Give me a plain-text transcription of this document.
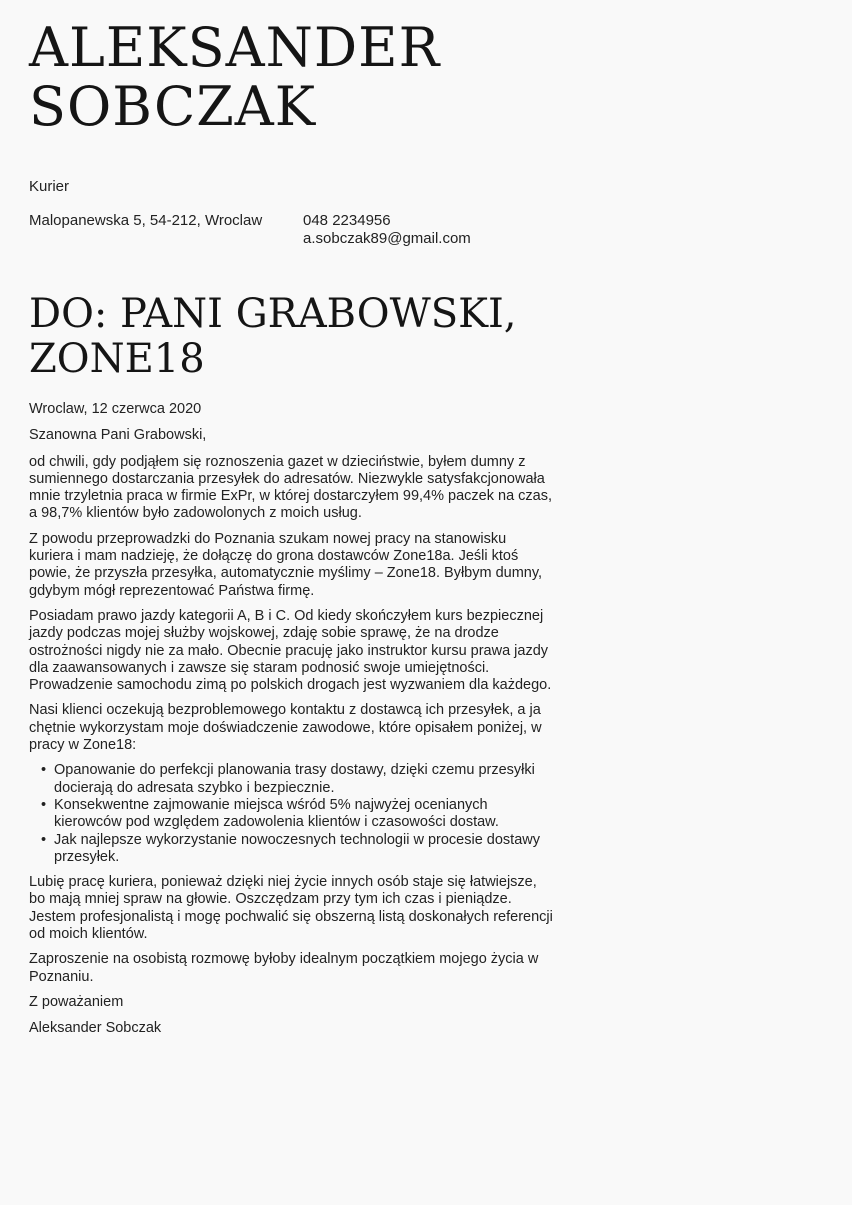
ALEKSANDER
SOBCZAK
Kurier
Malopanewska 5, 54-212, Wroclaw	048 2234956
a.sobczak89@gmail.com
DO: PANI GRABOWSKI,
ZONE18

Wroclaw, 12 czerwca 2020

Szanowna Pani Grabowski,

od chwili, gdy podjąłem się roznoszenia gazet w dzieciństwie, byłem dumny z sumiennego dostarczania przesyłek do adresatów. Niezwykle satysfakcjonowała mnie trzyletnia praca w firmie ExPr, w której dostarczyłem 99,4% paczek na czas, a 98,7% klientów było zadowolonych z moich usług.

Z powodu przeprowadzki do Poznania szukam nowej pracy na stanowisku kuriera i mam nadzieję, że dołączę do grona dostawców Zone18a. Jeśli ktoś powie, że przyszła przesyłka, automatycznie myślimy – Zone18. Byłbym dumny, gdybym mógł reprezentować Państwa firmę.

Posiadam prawo jazdy kategorii A, B i C. Od kiedy skończyłem kurs bezpiecznej jazdy podczas mojej służby wojskowej, zdaję sobie sprawę, że na drodze ostrożności nigdy nie za mało. Obecnie pracuję jako instruktor kursu prawa jazdy dla zaawansowanych i zawsze się staram podnosić swoje umiejętności. Prowadzenie samochodu zimą po polskich drogach jest wyzwaniem dla każdego.

Nasi klienci oczekują bezproblemowego kontaktu z dostawcą ich przesyłek, a ja chętnie wykorzystam moje doświadczenie zawodowe, które opisałem poniżej, w pracy w Zone18:

• Opanowanie do perfekcji planowania trasy dostawy, dzięki czemu przesyłki docierają do adresata szybko i bezpiecznie.
• Konsekwentne zajmowanie miejsca wśród 5% najwyżej ocenianych kierowców pod względem zadowolenia klientów i czasowości dostaw.
• Jak najlepsze wykorzystanie nowoczesnych technologii w procesie dostawy przesyłek.

Lubię pracę kuriera, ponieważ dzięki niej życie innych osób staje się łatwiejsze, bo mają mniej spraw na głowie. Oszczędzam przy tym ich czas i pieniądze. Jestem profesjonalistą i mogę pochwalić się obszerną listą doskonałych referencji od moich klientów.

Zaproszenie na osobistą rozmowę byłoby idealnym początkiem mojego życia w Poznaniu.

Z poważaniem

Aleksander Sobczak
